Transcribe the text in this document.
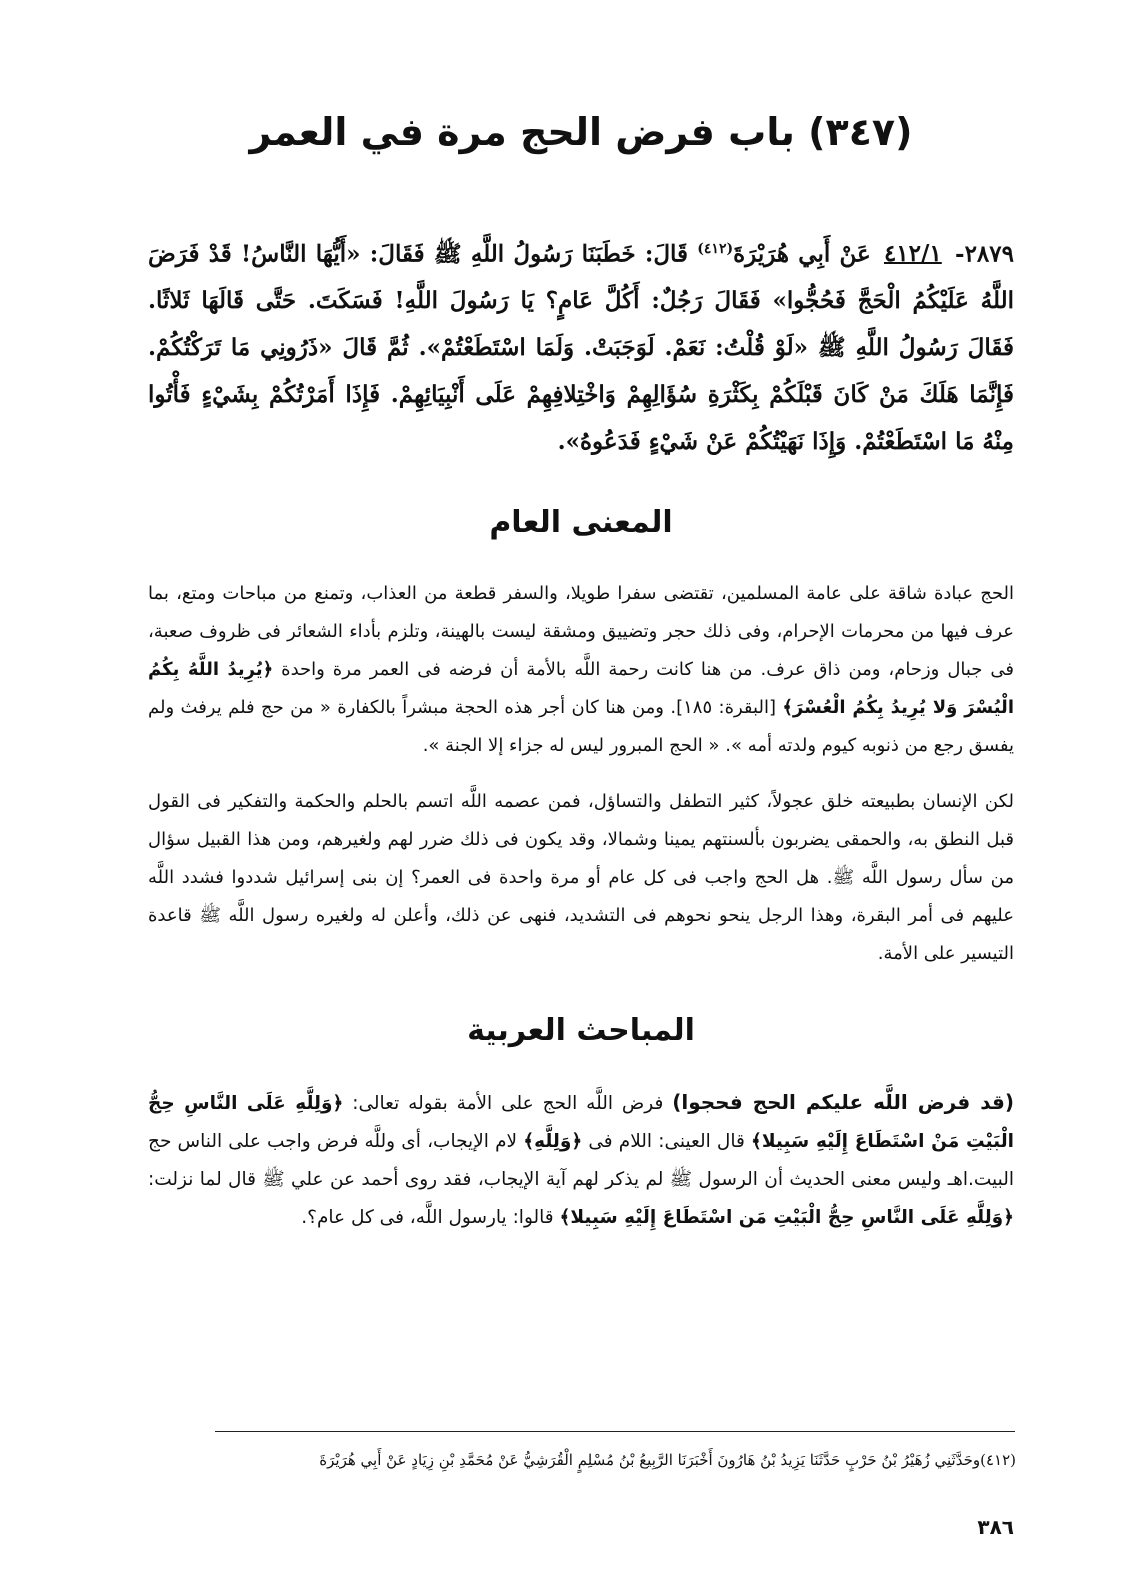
(٣٤٧) باب فرض الحج مرة في العمر

٢٨٧٩- ٤١٢/١ عَنْ أَبِي هُرَيْرَةَ$^{(٤١٢)}$ قَالَ: خَطَبَنَا رَسُولُ اللَّهِ ﷺ فَقَالَ: «أَيُّهَا النَّاسُ! قَدْ فَرَضَ اللَّهُ عَلَيْكُمُ الْحَجَّ فَحُجُّوا» فَقَالَ رَجُلٌ: أَكُلَّ عَامٍ؟ يَا رَسُولَ اللَّهِ! فَسَكَتَ. حَتَّى قَالَهَا ثَلاثًا. فَقَالَ رَسُولُ اللَّهِ ﷺ «لَوْ قُلْتُ: نَعَمْ. لَوَجَبَتْ. وَلَمَا اسْتَطَعْتُمْ». ثُمَّ قَالَ «ذَرُونِي مَا تَرَكْتُكُمْ. فَإِنَّمَا هَلَكَ مَنْ كَانَ قَبْلَكُمْ بِكَثْرَةِ سُؤَالِهِمْ وَاخْتِلافِهِمْ عَلَى أَنْبِيَائِهِمْ. فَإِذَا أَمَرْتُكُمْ بِشَيْءٍ فَأْتُوا مِنْهُ مَا اسْتَطَعْتُمْ. وَإِذَا نَهَيْتُكُمْ عَنْ شَيْءٍ فَدَعُوهُ».

المعنى العام

الحج عبادة شاقة على عامة المسلمين، تقتضى سفرا طويلا، والسفر قطعة من العذاب، وتمنع من مباحات ومتع، بما عرف فيها من محرمات الإحرام، وفى ذلك حجر وتضييق ومشقة ليست بالهينة، وتلزم بأداء الشعائر فى ظروف صعبة، فى جبال وزحام، ومن ذاق عرف. من هنا كانت رحمة اللَّه بالأمة أن فرضه فى العمر مرة واحدة ﴿يُرِيدُ اللَّهُ بِكُمُ الْيُسْرَ وَلا يُرِيدُ بِكُمُ الْعُسْرَ﴾ [البقرة: ١٨٥]. ومن هنا كان أجر هذه الحجة مبشراً بالكفارة « من حج فلم يرفث ولم يفسق رجع من ذنوبه كيوم ولدته أمه ». « الحج المبرور ليس له جزاء إلا الجنة ».

لكن الإنسان بطبيعته خلق عجولاً، كثير التطفل والتساؤل، فمن عصمه اللَّه اتسم بالحلم والحكمة والتفكير فى القول قبل النطق به، والحمقى يضربون بألسنتهم يمينا وشمالا، وقد يكون فى ذلك ضرر لهم ولغيرهم، ومن هذا القبيل سؤال من سأل رسول اللَّه ﷺ. هل الحج واجب فى كل عام أو مرة واحدة فى العمر؟ إن بنى إسرائيل شددوا فشدد اللَّه عليهم فى أمر البقرة، وهذا الرجل ينحو نحوهم فى التشديد، فنهى عن ذلك، وأعلن له ولغيره رسول اللَّه ﷺ قاعدة التيسير على الأمة.

المباحث العربية

(قد فرض اللَّه عليكم الحج فحجوا) فرض اللَّه الحج على الأمة بقوله تعالى: ﴿وَلِلَّهِ عَلَى النَّاسِ حِجُّ الْبَيْتِ مَنْ اسْتَطَاعَ إِلَيْهِ سَبِيلا﴾ قال العينى: اللام فى ﴿وَلِلَّهِ﴾ لام الإيجاب، أى وللَّه فرض واجب على الناس حج البيت.اهـ وليس معنى الحديث أن الرسول ﷺ لم يذكر لهم آية الإيجاب، فقد روى أحمد عن علي ﷺ قال لما نزلت: ﴿وَلِلَّهِ عَلَى النَّاسِ حِجُّ الْبَيْتِ مَن اسْتَطَاعَ إِلَيْهِ سَبِيلا﴾ قالوا: يارسول اللَّه، فى كل عام؟.

(٤١٢)وحَدَّثَنِي زُهَيْرُ بْنُ حَرْبٍ حَدَّثَنَا يَزِيدُ بْنُ هَارُونَ أَخْبَرَنَا الرَّبِيعُ بْنُ مُسْلِمٍ الْقُرَشِيُّ عَنْ مُحَمَّدِ بْنِ زِيَادٍ عَنْ أَبِي هُرَيْرَةَ
٣٨٦
